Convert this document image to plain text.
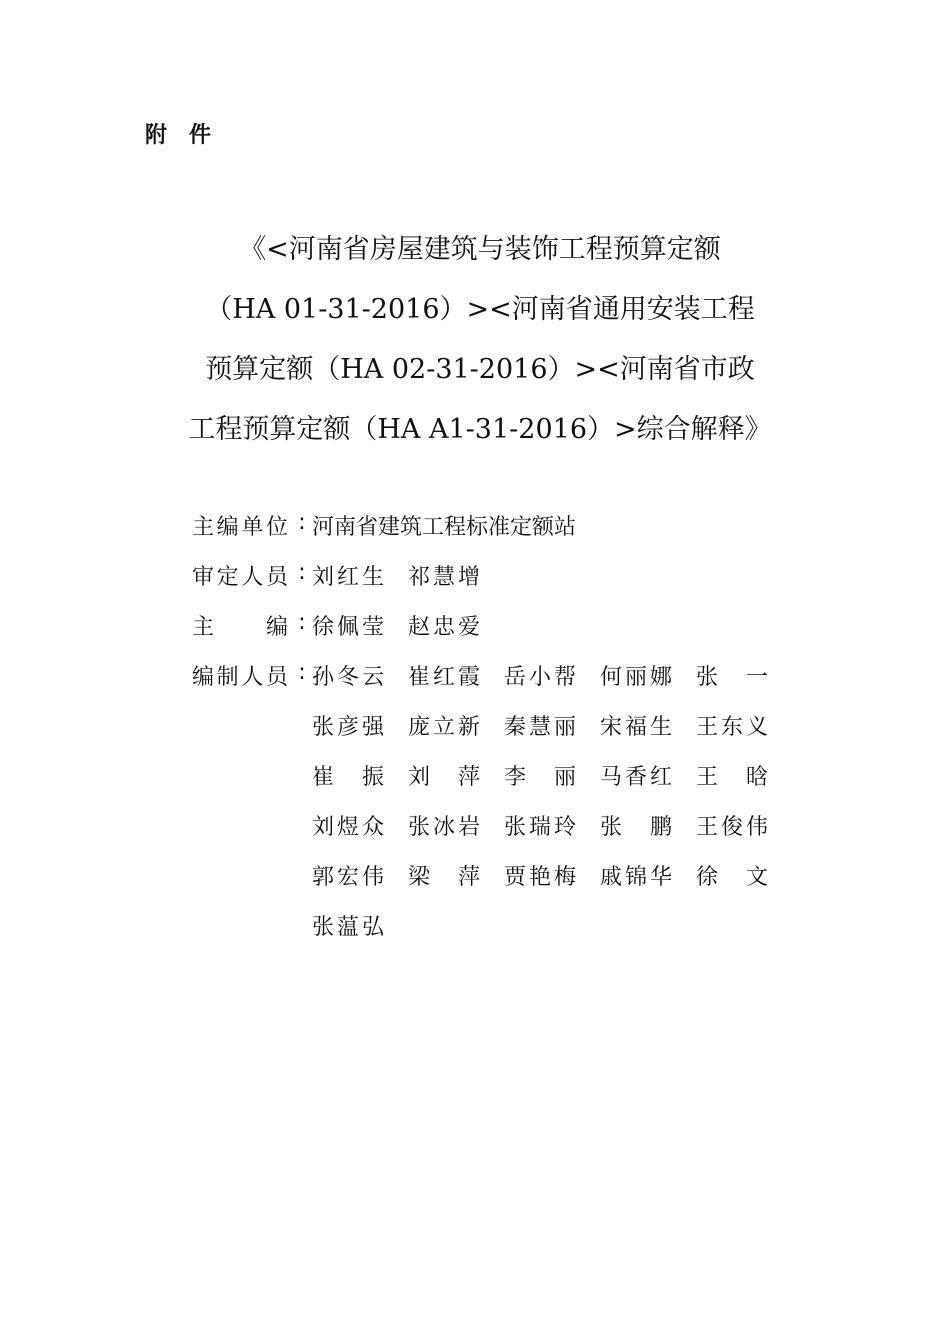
附 件
《<河南省房屋建筑与装饰工程预算定额
（HA 01-31-2016）><河南省通用安装工程
预算定额（HA 02-31-2016）><河南省市政
工程预算定额（HA A1-31-2016）>综合解释》
主编单位 : 河南省建筑工程标准定额站
审定人员 : 刘红生 祁慧增
主 编 : 徐佩莹 赵忠爱
编制人员 : 孙冬云 崔红霞 岳小帮 何丽娜 张一
张彦强 庞立新 秦慧丽 宋福生 王东义
崔振 刘萍 李丽 马香红 王晗
刘煜众 张冰岩 张瑞玲 张鹏 王俊伟
郭宏伟 梁萍 贾艳梅 戚锦华 徐文
张蕰弘
